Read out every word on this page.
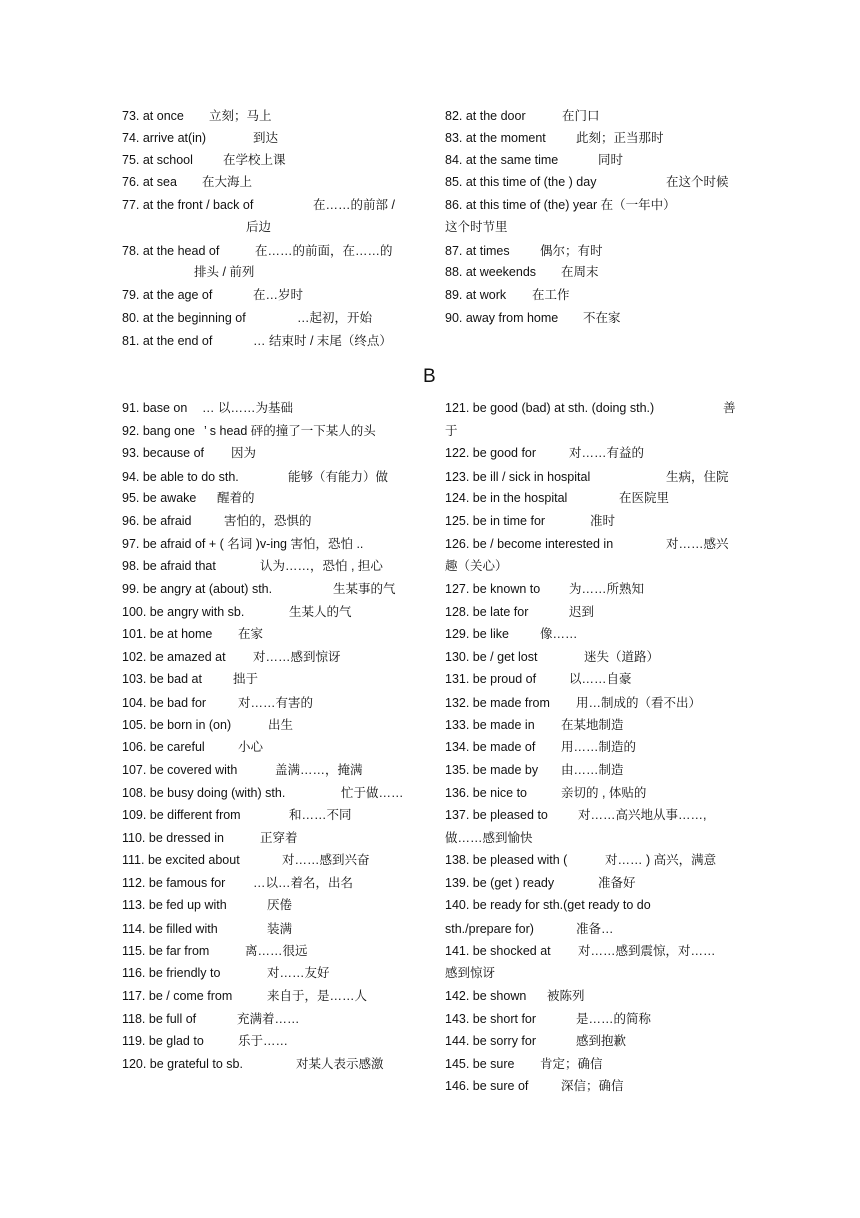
73. at once 立刻；马上
74. arrive at(in)	到达
75. at school 在学校上课
76. at sea 在大海上
77. at the front / back of	在……的前部 /
后边
78. at the head of	在……的前面，在……的
排头 / 前列
79. at the age of	在…岁时
80. at the beginning of	…起初，开始
81. at the end of	… 结束时 / 末尾（终点）
82. at the door	在门口
83. at the moment 此刻；正当那时
84. at the same time	同时
85. at this time of (the ) day	在这个时候
86. at this time of (the) year 在（一年中）
这个时节里
87. at times 偶尔；有时
88. at weekends 在周末
89. at work 在工作
90. away from home 不在家
B
91. base on … 以……为基础
92. bang one ’ s head 砰的撞了一下某人的头
93. because of 因为
94. be able to do sth.	能够（有能力）做
95. be awake 醒着的
96. be afraid	害怕的，恐惧的
97. be afraid of + ( 名词 )v-ing 害怕，恐怕 ..
98. be afraid that	认为……，恐怕 , 担心
99. be angry at (about) sth.	生某事的气
100. be angry with sb.	生某人的气
101. be at home 在家
102. be amazed at 对……感到惊讶
103. be bad at 拙于
104. be bad for	对……有害的
105. be born in (on)	出生
106. be careful	小心
107. be covered with	盖满……，掩满
108. be busy doing (with) sth.	忙于做……
109. be different from	和……不同
110. be dressed in	正穿着
111. be excited about	对……感到兴奋
112. be famous for …以…着名，出名
113. be fed up with	厌倦
114. be filled with	装满
115. be far from	离……很远
116. be friendly to	对……友好
117. be / come from	来自于，是……人
118. be full of	充满着……
119. be glad to	乐于……
120. be grateful to sb.	对某人表示感激
121. be good (bad) at sth. (doing sth.)	善
于
122. be good for	对……有益的
123. be ill / sick in hospital	生病，住院
124. be in the hospital	在医院里
125. be in time for	准时
126. be / become interested in	对……感兴
趣（关心）
127. be known to 为……所熟知
128. be late for	迟到
129. be like 像……
130. be / get lost	迷失（道路）
131. be proud of	以……自豪
132. be made from 用…制成的（看不出）
133. be made in 在某地制造
134. be made of 用……制造的
135. be made by 由……制造
136. be nice to	亲切的 , 体贴的
137. be pleased to 对……高兴地从事……,
做……感到愉快
138. be pleased with (	对…… ) 高兴，满意
139. be (get ) ready	准备好
140. be ready for sth.(get ready to do
sth./prepare for)	准备…
141. be shocked at 对……感到震惊，对……
感到惊讶
142. be shown 被陈列
143. be short for	是……的简称
144. be sorry for	感到抱歉
145. be sure 肯定；确信
146. be sure of	深信；确信
